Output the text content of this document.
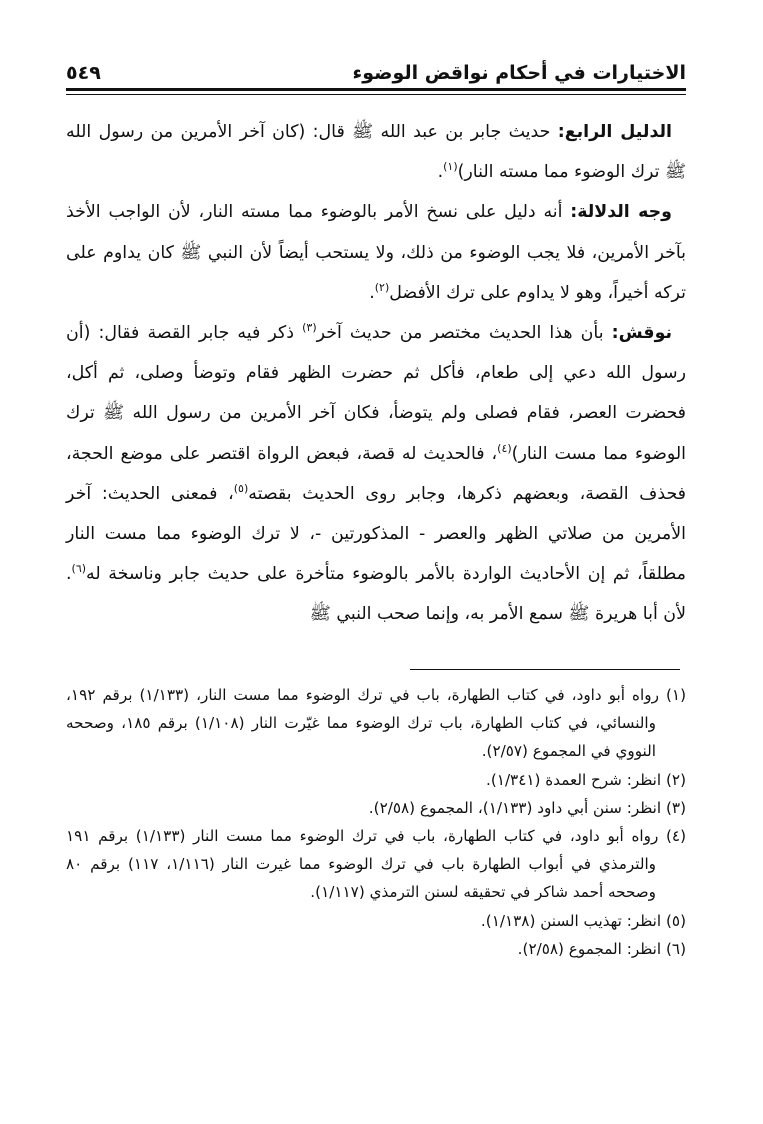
الاختيارات في أحكام نواقض الوضوء
٥٤٩

الدليل الرابع: حديث جابر بن عبد الله ﷺ قال: (كان آخر الأمرين من رسول الله ﷺ ترك الوضوء مما مسته النار)$^{(١)}$.

وجه الدلالة: أنه دليل على نسخ الأمر بالوضوء مما مسته النار، لأن الواجب الأخذ بآخر الأمرين، فلا يجب الوضوء من ذلك، ولا يستحب أيضاً لأن النبي ﷺ كان يداوم على تركه أخيراً، وهو لا يداوم على ترك الأفضل$^{(٢)}$.

نوقش: بأن هذا الحديث مختصر من حديث آخر$^{(٣)}$ ذكر فيه جابر القصة فقال: (أن رسول الله دعي إلى طعام، فأكل ثم حضرت الظهر فقام وتوضأ وصلى، ثم أكل، فحضرت العصر، فقام فصلى ولم يتوضأ، فكان آخر الأمرين من رسول الله ﷺ ترك الوضوء مما مست النار)$^{(٤)}$، فالحديث له قصة، فبعض الرواة اقتصر على موضع الحجة، فحذف القصة، وبعضهم ذكرها، وجابر روى الحديث بقصته$^{(٥)}$، فمعنى الحديث: آخر الأمرين من صلاتي الظهر والعصر - المذكورتين -، لا ترك الوضوء مما مست النار مطلقاً، ثم إن الأحاديث الواردة بالأمر بالوضوء متأخرة على حديث جابر وناسخة له$^{(٦)}$. لأن أبا هريرة ﷺ سمع الأمر به، وإنما صحب النبي ﷺ

(١) رواه أبو داود، في كتاب الطهارة، باب في ترك الوضوء مما مست النار، (١/١٣٣) برقم ١٩٢، والنسائي، في كتاب الطهارة، باب ترك الوضوء مما غيّرت النار (١/١٠٨) برقم ١٨٥، وصححه النووي في المجموع (٢/٥٧).

(٢) انظر: شرح العمدة (١/٣٤١).

(٣) انظر: سنن أبي داود (١/١٣٣)، المجموع (٢/٥٨).

(٤) رواه أبو داود، في كتاب الطهارة، باب في ترك الوضوء مما مست النار (١/١٣٣) برقم ١٩١ والترمذي في أبواب الطهارة باب في ترك الوضوء مما غيرت النار (١/١١٦، ١١٧) برقم ٨٠ وصححه أحمد شاكر في تحقيقه لسنن الترمذي (١/١١٧).

(٥) انظر: تهذيب السنن (١/١٣٨).

(٦) انظر: المجموع (٢/٥٨).
